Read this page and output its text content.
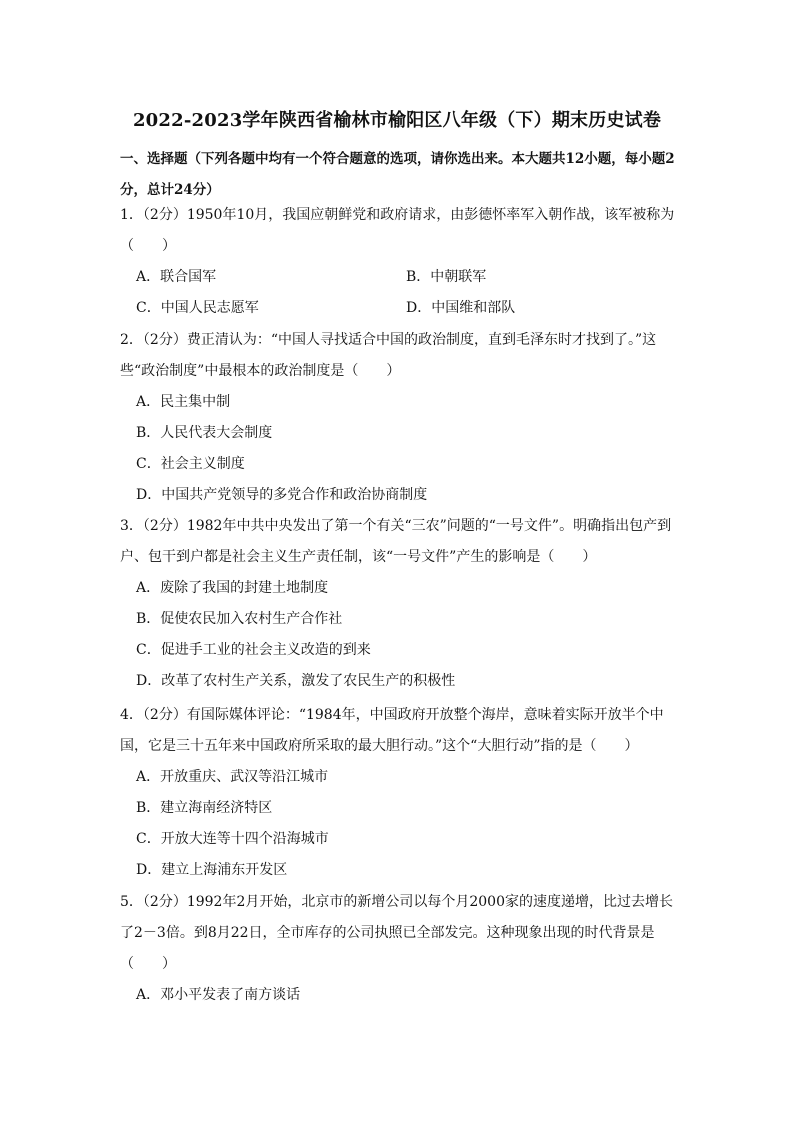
2022-2023学年陕西省榆林市榆阳区八年级（下）期末历史试卷
一、选择题（下列各题中均有一个符合题意的选项，请你选出来。本大题共12小题，每小题2分，总计24分）
1．（2分）1950年10月，我国应朝鲜党和政府请求，由彭德怀率军入朝作战，该军被称为（　　）
A．联合国军	B．中朝联军
C．中国人民志愿军	D．中国维和部队
2．（2分）费正清认为：“中国人寻找适合中国的政治制度，直到毛泽东时才找到了。”这些“政治制度”中最根本的政治制度是（　　）
A．民主集中制
B．人民代表大会制度
C．社会主义制度
D．中国共产党领导的多党合作和政治协商制度
3．（2分）1982年中共中央发出了第一个有关“三农”问题的“一号文件”。明确指出包产到户、包干到户都是社会主义生产责任制，该“一号文件”产生的影响是（　　）
A．废除了我国的封建土地制度
B．促使农民加入农村生产合作社
C．促进手工业的社会主义改造的到来
D．改革了农村生产关系，激发了农民生产的积极性
4．（2分）有国际媒体评论：“1984年，中国政府开放整个海岸，意味着实际开放半个中国，它是三十五年来中国政府所采取的最大胆行动。”这个“大胆行动”指的是（　　）
A．开放重庆、武汉等沿江城市
B．建立海南经济特区
C．开放大连等十四个沿海城市
D．建立上海浦东开发区
5．（2分）1992年2月开始，北京市的新增公司以每个月2000家的速度递增，比过去增长了2－3倍。到8月22日，全市库存的公司执照已全部发完。这种现象出现的时代背景是（　　）
A．邓小平发表了南方谈话
